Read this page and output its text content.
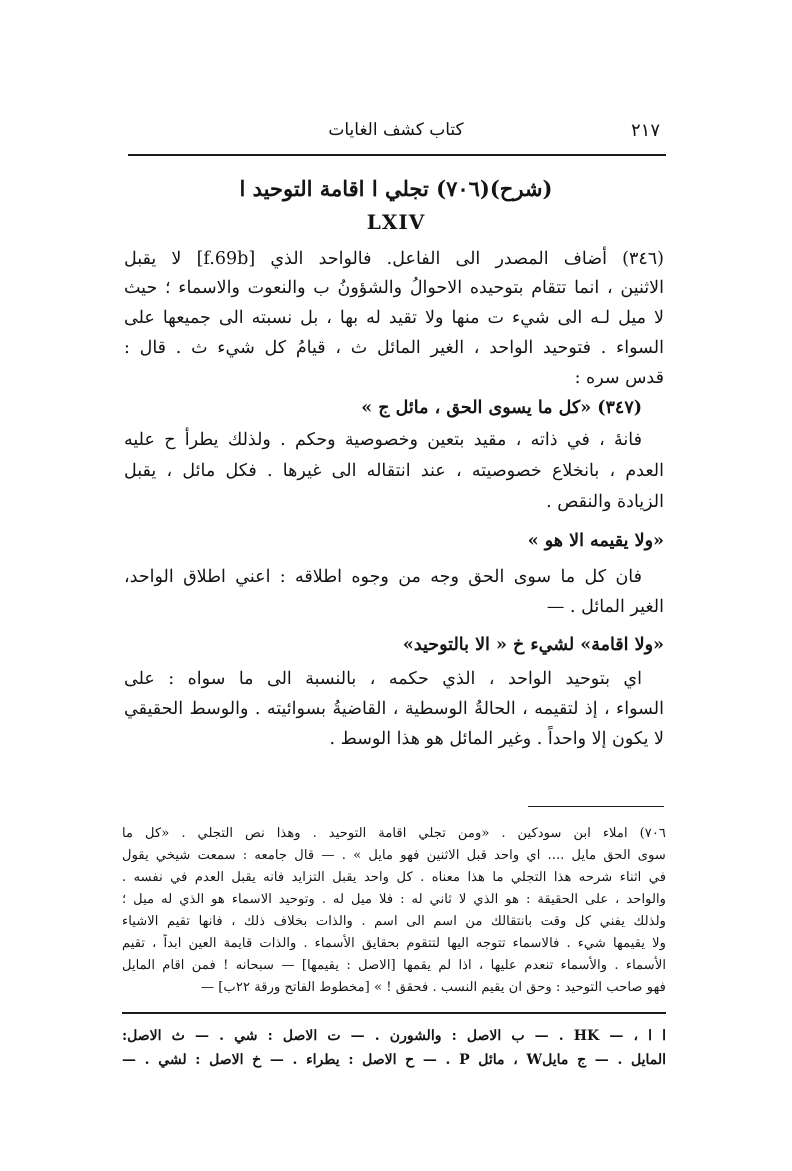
٢١٧
كتاب كشف الغايات
(شرح)(٧٠٦) تجلي ا اقامة التوحيد ا
LXIV
(٣٤٦) أضاف المصدر الى الفاعل. فالواحد الذي [f.69b] لا يقبل
الاثنين ، انما تتقام بتوحيده الاحوالُ والشؤونُ ب والنعوت والاسماء ؛ حيث
لا ميل لـه الى شيء ت منها ولا تقيد له بها ، بل نسبته الى جميعها على
السواء . فتوحيد الواحد ، الغير المائل ث ، قيامُ كل شيء ث . قال :
قدس سره :
(٣٤٧) «كل ما يسوى الحق ، مائل ج »
فانهٔ ، في ذاته ، مقيد بتعين وخصوصية وحكم . ولذلك يطرأ ح عليه
العدم ، بانخلاع خصوصيته ، عند انتقاله الى غيرها . فكل مائل ، يقبل
الزيادة والنقص .
«ولا يقيمه الا هو »
فان كل ما سوى الحق وجه من وجوه اطلاقه : اعني اطلاق الواحد،
الغير المائل . —
«ولا اقامة» لشيء خ « الا بالتوحيد»
اي بتوحيد الواحد ، الذي حكمه ، بالنسبة الى ما سواه : على
السواء ، إذ لتقيمه ، الحالةُ الوسطية ، القاضيةُ بسوائيته . والوسط الحقيقي
لا يكون إلا واحداً . وغير المائل هو هذا الوسط .
٧٠٦) املاء ابن سودكين . «ومن تجلي اقامة التوحيد . وهذا نص التجلي . «كل ما
سوى الحق مايل .... اي واحد قبل الاثنين فهو مايل » . — قال جامعه : سمعت شيخي يقول
في اثناء شرحه هذا التجلي ما هذا معناه . كل واحد يقبل التزايد فانه يقبل العدم في نفسه .
والواحد ، على الحقيقة : هو الذي لا ثاني له : فلا ميل له . وتوحيد الاسماء هو الذي له ميل ؛
ولذلك يفني كل وقت بانتقالك من اسم الى اسم . والذات بخلاف ذلك ، فانها تقيم الاشياء
ولا يقيمها شيء . فالاسماء تتوجه اليها لتتقوم بحقايق الأسماء . والذات قايمة العين ابداً ، تقيم
الأسماء . والأسماء تنعدم عليها ، اذا لم يقمها [الاصل : يقيمها] — سبحانه ! فمن اقام المايل
فهو صاحب التوحيد : وحق ان يقيم النسب . فحقق ! » [مخطوط الفاتح ورقة ٢٢ب] —
ا ا ، — HK . — ب الاصل : والشورن . — ت الاصل : شي . — ث الاصل:
المايل . — ج مايلW ، مائل P . — ح الاصل : يطراء . — خ الاصل : لشي . —
